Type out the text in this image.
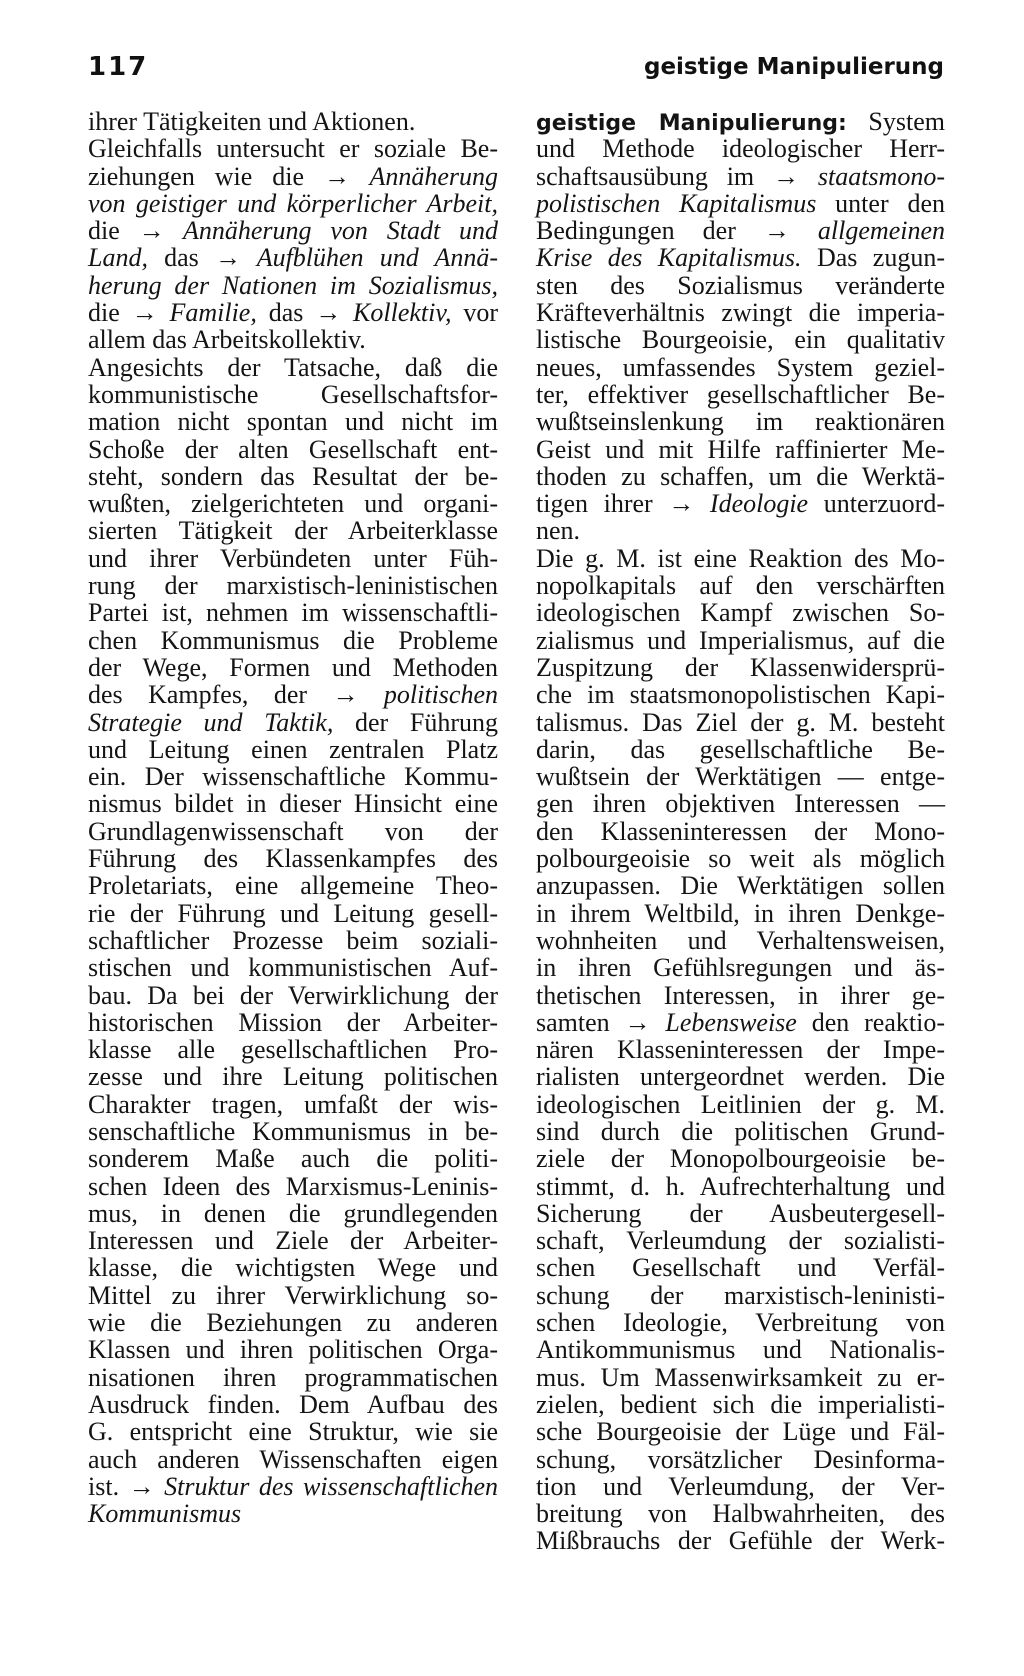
117	geistige Manipulierung
ihrer Tätigkeiten und Aktionen.
Gleichfalls untersucht er soziale Be-
ziehungen wie die → Annäherung
von geistiger und körperlicher Arbeit,
die → Annäherung von Stadt und
Land, das → Aufblühen und Annä-
herung der Nationen im Sozialismus,
die → Familie, das → Kollektiv, vor
allem das Arbeitskollektiv.
Angesichts der Tatsache, daß die
kommunistische Gesellschaftsfor-
mation nicht spontan und nicht im
Schoße der alten Gesellschaft ent-
steht, sondern das Resultat der be-
wußten, zielgerichteten und organi-
sierten Tätigkeit der Arbeiterklasse
und ihrer Verbündeten unter Füh-
rung der marxistisch-leninistischen
Partei ist, nehmen im wissenschaftli-
chen Kommunismus die Probleme
der Wege, Formen und Methoden
des Kampfes, der → politischen
Strategie und Taktik, der Führung
und Leitung einen zentralen Platz
ein. Der wissenschaftliche Kommu-
nismus bildet in dieser Hinsicht eine
Grundlagenwissenschaft von der
Führung des Klassenkampfes des
Proletariats, eine allgemeine Theo-
rie der Führung und Leitung gesell-
schaftlicher Prozesse beim soziali-
stischen und kommunistischen Auf-
bau. Da bei der Verwirklichung der
historischen Mission der Arbeiter-
klasse alle gesellschaftlichen Pro-
zesse und ihre Leitung politischen
Charakter tragen, umfaßt der wis-
senschaftliche Kommunismus in be-
sonderem Maße auch die politi-
schen Ideen des Marxismus-Leninis-
mus, in denen die grundlegenden
Interessen und Ziele der Arbeiter-
klasse, die wichtigsten Wege und
Mittel zu ihrer Verwirklichung so-
wie die Beziehungen zu anderen
Klassen und ihren politischen Orga-
nisationen ihren programmatischen
Ausdruck finden. Dem Aufbau des
G. entspricht eine Struktur, wie sie
auch anderen Wissenschaften eigen
ist. → Struktur des wissenschaftlichen
Kommunismus
geistige Manipulierung: System
und Methode ideologischer Herr-
schaftsausübung im → staatsmono-
polistischen Kapitalismus unter den
Bedingungen der → allgemeinen
Krise des Kapitalismus. Das zugun-
sten des Sozialismus veränderte
Kräfteverhältnis zwingt die imperia-
listische Bourgeoisie, ein qualitativ
neues, umfassendes System geziel-
ter, effektiver gesellschaftlicher Be-
wußtseinslenkung im reaktionären
Geist und mit Hilfe raffinierter Me-
thoden zu schaffen, um die Werktä-
tigen ihrer → Ideologie unterzuord-
nen.
Die g. M. ist eine Reaktion des Mo-
nopolkapitals auf den verschärften
ideologischen Kampf zwischen So-
zialismus und Imperialismus, auf die
Zuspitzung der Klassenwidersprü-
che im staatsmonopolistischen Kapi-
talismus. Das Ziel der g. M. besteht
darin, das gesellschaftliche Be-
wußtsein der Werktätigen — entge-
gen ihren objektiven Interessen —
den Klasseninteressen der Mono-
polbourgeoisie so weit als möglich
anzupassen. Die Werktätigen sollen
in ihrem Weltbild, in ihren Denkge-
wohnheiten und Verhaltensweisen,
in ihren Gefühlsregungen und äs-
thetischen Interessen, in ihrer ge-
samten → Lebensweise den reaktio-
nären Klasseninteressen der Impe-
rialisten untergeordnet werden. Die
ideologischen Leitlinien der g. M.
sind durch die politischen Grund-
ziele der Monopolbourgeoisie be-
stimmt, d. h. Aufrechterhaltung und
Sicherung der Ausbeutergesell-
schaft, Verleumdung der sozialisti-
schen Gesellschaft und Verfäl-
schung der marxistisch-leninisti-
schen Ideologie, Verbreitung von
Antikommunismus und Nationalis-
mus. Um Massenwirksamkeit zu er-
zielen, bedient sich die imperialisti-
sche Bourgeoisie der Lüge und Fäl-
schung, vorsätzlicher Desinforma-
tion und Verleumdung, der Ver-
breitung von Halbwahrheiten, des
Mißbrauchs der Gefühle der Werk-
